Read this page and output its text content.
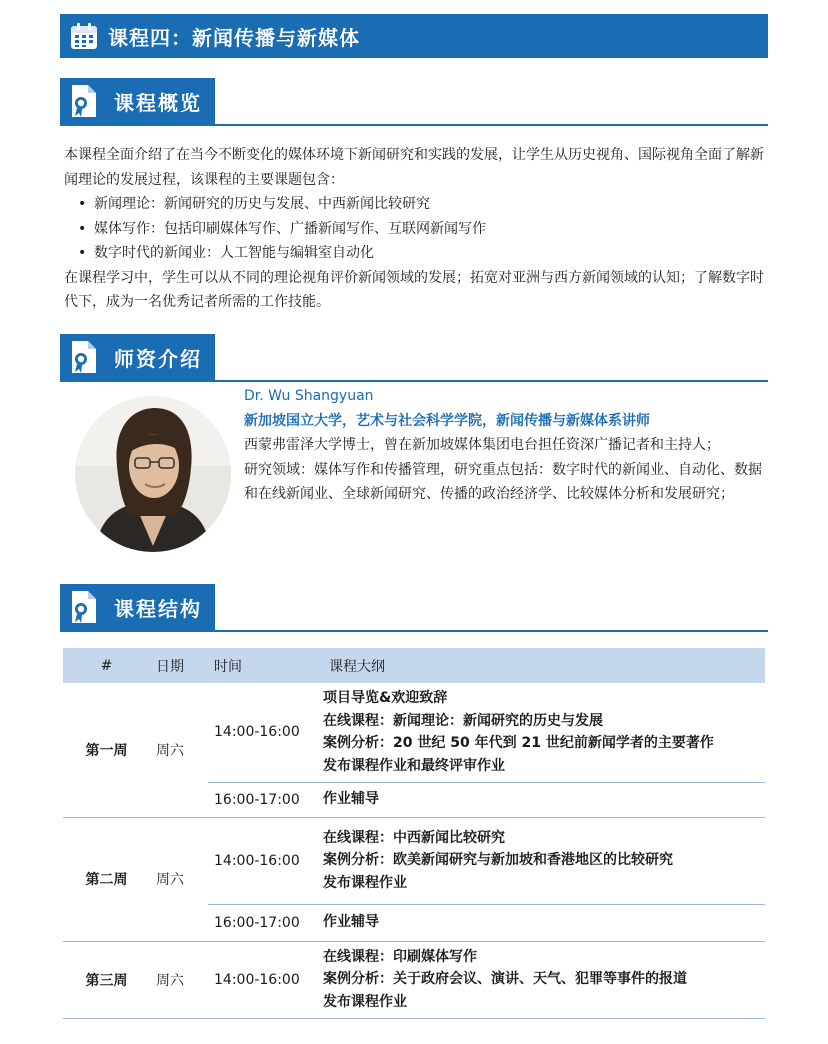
课程四：新闻传播与新媒体
课程概览

本课程全面介绍了在当今不断变化的媒体环境下新闻研究和实践的发展，让学生从历史视角、国际视角全面了解新闻理论的发展过程，该课程的主要课题包含：

• 新闻理论：新闻研究的历史与发展、中西新闻比较研究
• 媒体写作：包括印刷媒体写作、广播新闻写作、互联网新闻写作
• 数字时代的新闻业：人工智能与编辑室自动化

在课程学习中，学生可以从不同的理论视角评价新闻领域的发展；拓宽对亚洲与西方新闻领域的认知；了解数字时代下，成为一名优秀记者所需的工作技能。

师资介绍
Dr. Wu Shangyuan
新加坡国立大学，艺术与社会科学学院，新闻传播与新媒体系讲师
西蒙弗雷泽大学博士，曾在新加坡媒体集团电台担任资深广播记者和主持人；
研究领域：媒体写作和传播管理，研究重点包括：数字时代的新闻业、自动化、数据和在线新闻业、全球新闻研究、传播的政治经济学、比较媒体分析和发展研究；
课程结构
#	日期	时间	课程大纲
第一周	周六	14:00-16:00	项目导览&欢迎致辞
在线课程：新闻理论：新闻研究的历史与发展
案例分析：20 世纪 50 年代到 21 世纪前新闻学者的主要著作
发布课程作业和最终评审作业

		16:00-17:00	作业辅导

第二周	周六	14:00-16:00	在线课程：中西新闻比较研究
案例分析：欧美新闻研究与新加坡和香港地区的比较研究
发布课程作业

		16:00-17:00	作业辅导

第三周	周六	14:00-16:00	在线课程：印刷媒体写作
案例分析：关于政府会议、演讲、天气、犯罪等事件的报道
发布课程作业
